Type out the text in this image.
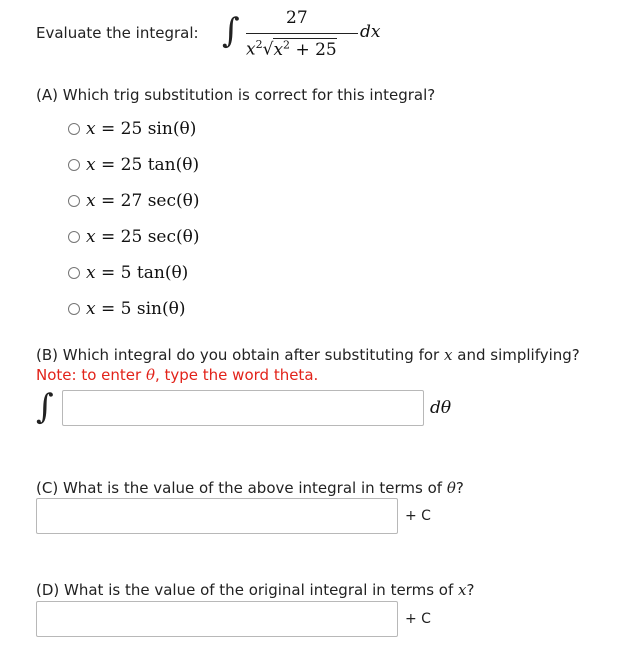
Evaluate the integral: ∫	27
dx
$x^2√x^2 + 25$
(A) Which trig substitution is correct for this integral?
x = 25 sin(θ)
x = 25 tan(θ)
x = 27 sec(θ)
x = 25 sec(θ)
x = 5 tan(θ)
x = 5 sin(θ)
(B) Which integral do you obtain after substituting for x and simplifying?
Note: to enter θ, type the word theta.
∫	dθ
(C) What is the value of the above integral in terms of θ?
+ C
(D) What is the value of the original integral in terms of x?
+ C
